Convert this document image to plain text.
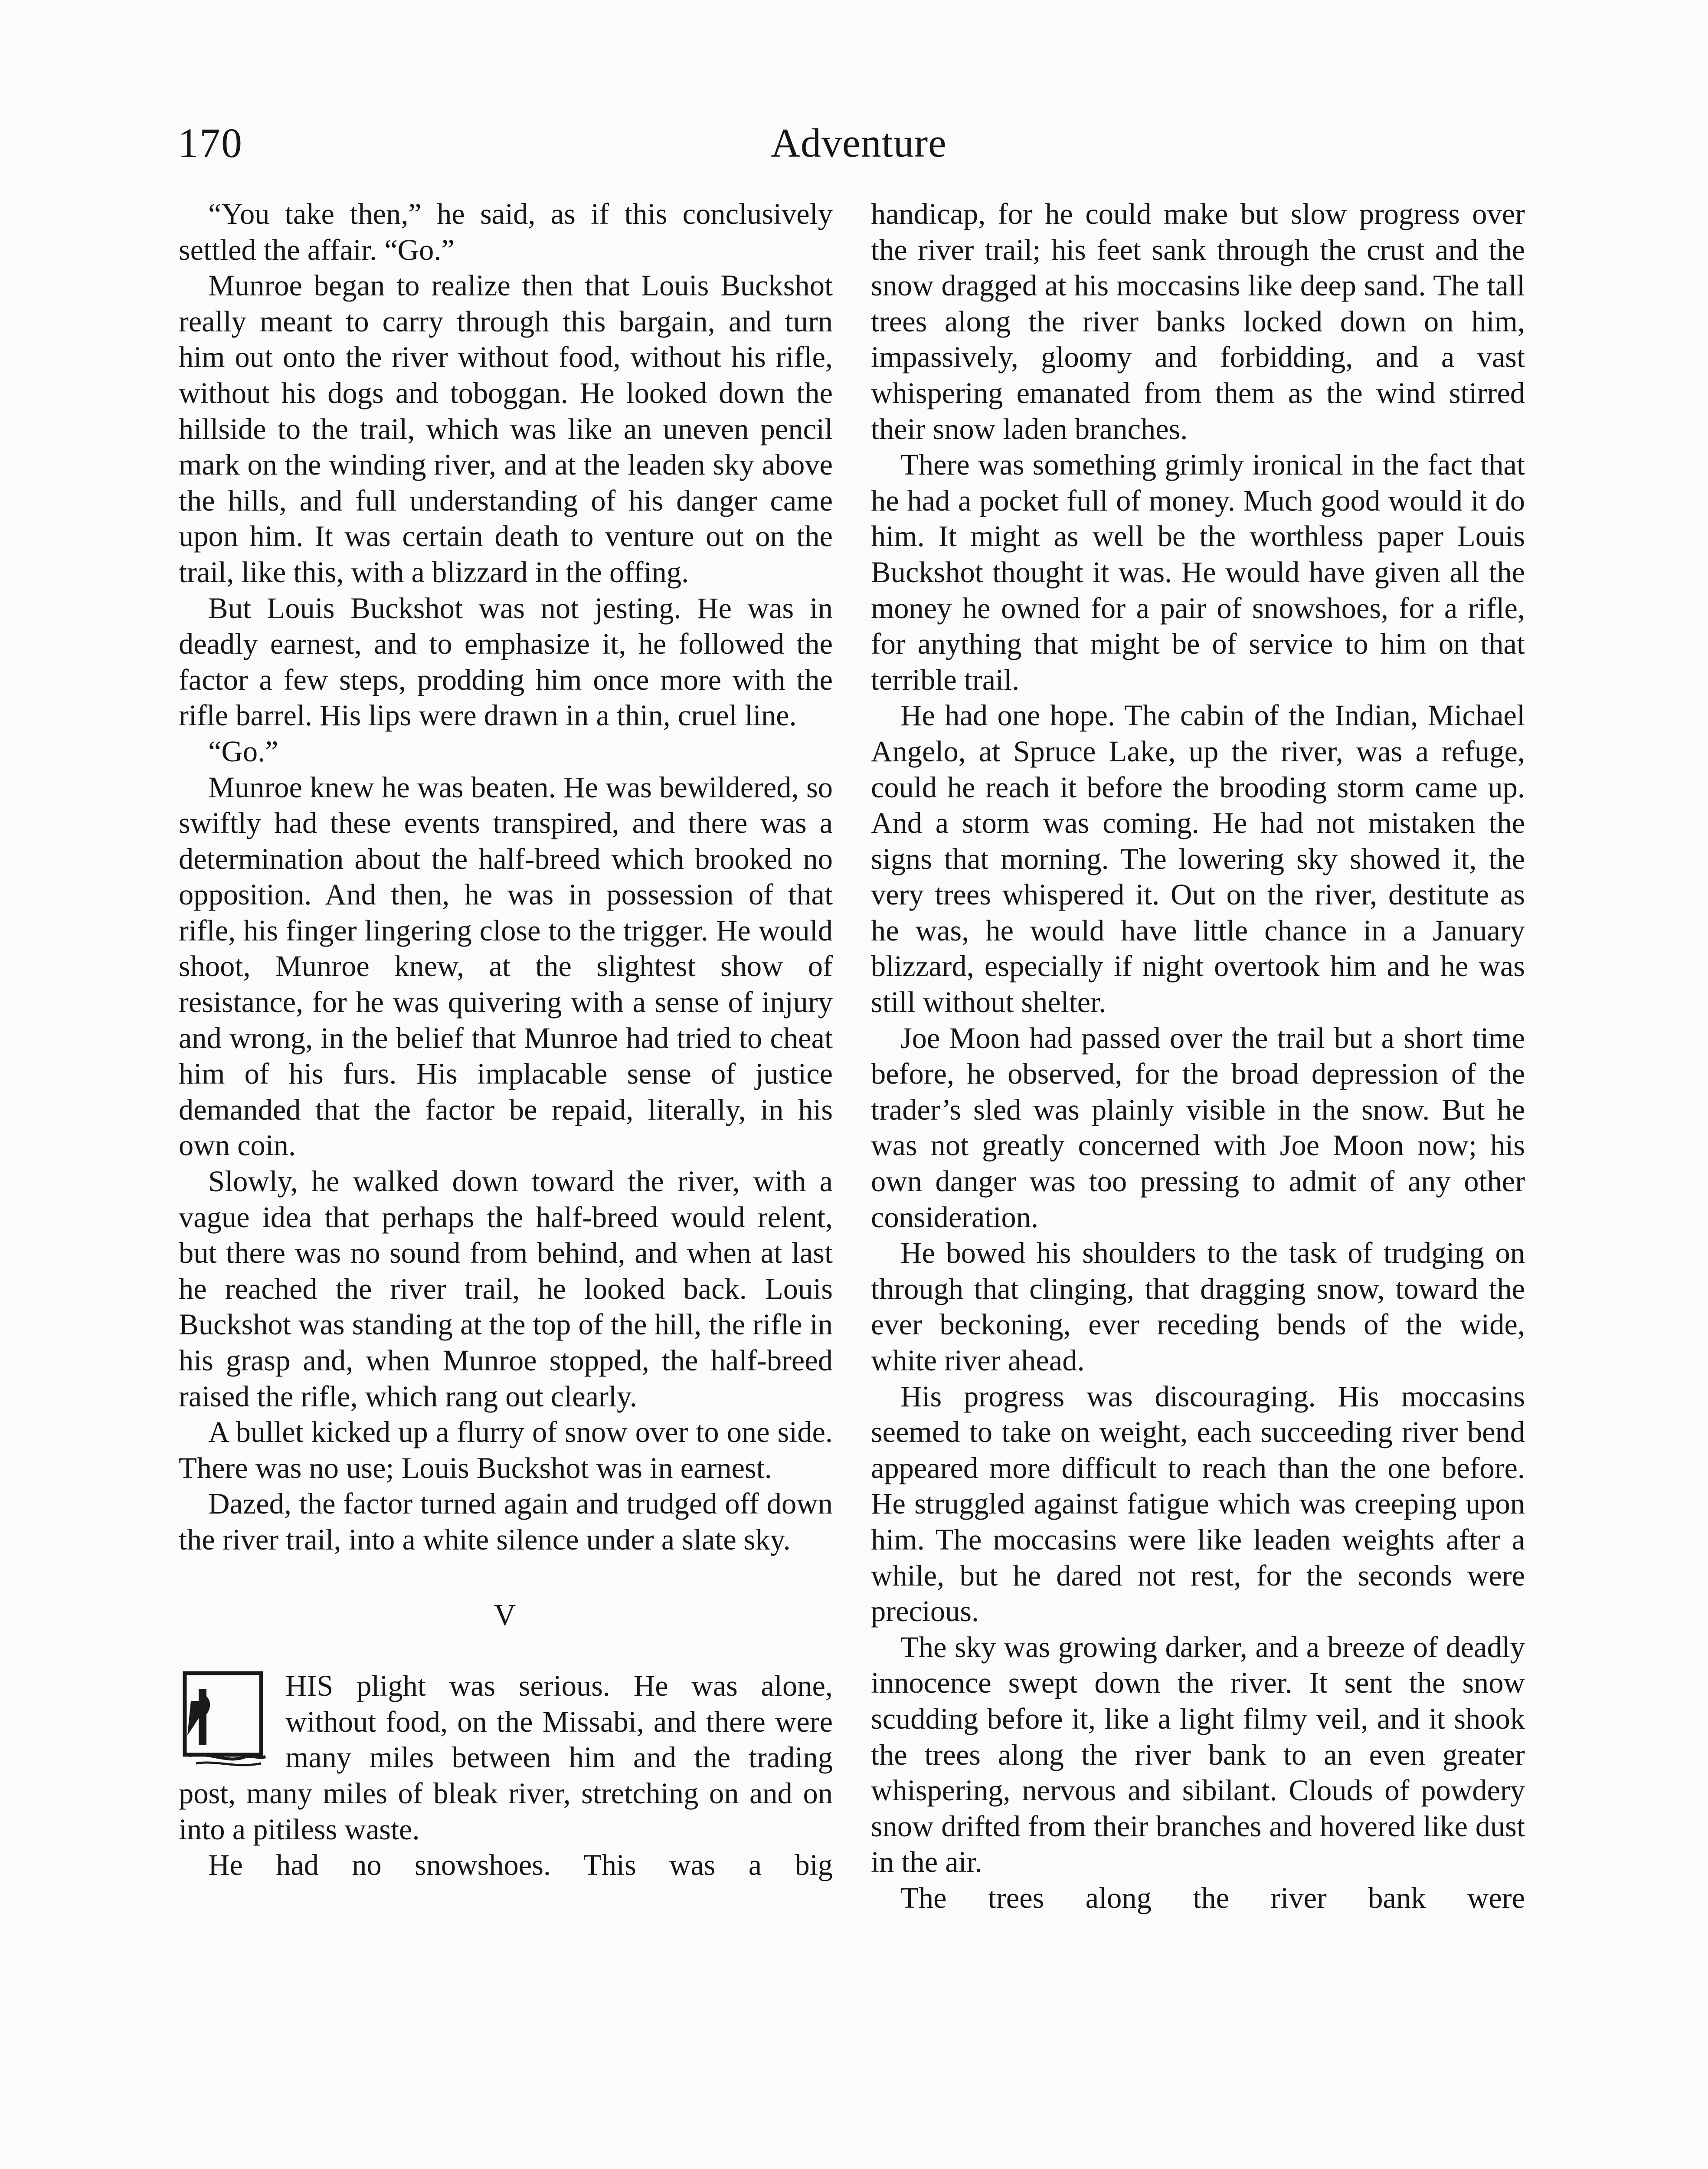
170	Adventure

“You take then,” he said, as if this conclusively settled the affair. “Go.”

Munroe began to realize then that Louis Buckshot really meant to carry through this bargain, and turn him out onto the river without food, without his rifle, without his dogs and toboggan. He looked down the hillside to the trail, which was like an uneven pencil mark on the winding river, and at the leaden sky above the hills, and full understanding of his danger came upon him. It was certain death to venture out on the trail, like this, with a blizzard in the offing.

But Louis Buckshot was not jesting. He was in deadly earnest, and to emphasize it, he followed the factor a few steps, prodding him once more with the rifle barrel. His lips were drawn in a thin, cruel line.

“Go.”

Munroe knew he was beaten. He was bewildered, so swiftly had these events transpired, and there was a determination about the half-breed which brooked no opposition. And then, he was in possession of that rifle, his finger lingering close to the trigger. He would shoot, Munroe knew, at the slightest show of resistance, for he was quivering with a sense of injury and wrong, in the belief that Munroe had tried to cheat him of his furs. His implacable sense of justice demanded that the factor be repaid, literally, in his own coin.

Slowly, he walked down toward the river, with a vague idea that perhaps the half-breed would relent, but there was no sound from behind, and when at last he reached the river trail, he looked back. Louis Buckshot was standing at the top of the hill, the rifle in his grasp and, when Munroe stopped, the half-breed raised the rifle, which rang out clearly.

A bullet kicked up a flurry of snow over to one side. There was no use; Louis Buckshot was in earnest.

Dazed, the factor turned again and trudged off down the river trail, into a white silence under a slate sky.

V

HIS plight was serious. He was alone, without food, on the Missabi, and there were many miles between him and the trading post, many miles of bleak river, stretching on and on into a pitiless waste.

He had no snowshoes. This was a big

handicap, for he could make but slow progress over the river trail; his feet sank through the crust and the snow dragged at his moccasins like deep sand. The tall trees along the river banks locked down on him, impassively, gloomy and forbidding, and a vast whispering emanated from them as the wind stirred their snow laden branches.

There was something grimly ironical in the fact that he had a pocket full of money. Much good would it do him. It might as well be the worthless paper Louis Buckshot thought it was. He would have given all the money he owned for a pair of snowshoes, for a rifle, for anything that might be of service to him on that terrible trail.

He had one hope. The cabin of the Indian, Michael Angelo, at Spruce Lake, up the river, was a refuge, could he reach it before the brooding storm came up. And a storm was coming. He had not mistaken the signs that morning. The lowering sky showed it, the very trees whispered it. Out on the river, destitute as he was, he would have little chance in a January blizzard, especially if night overtook him and he was still without shelter.

Joe Moon had passed over the trail but a short time before, he observed, for the broad depression of the trader’s sled was plainly visible in the snow. But he was not greatly concerned with Joe Moon now; his own danger was too pressing to admit of any other consideration.

He bowed his shoulders to the task of trudging on through that clinging, that dragging snow, toward the ever beckoning, ever receding bends of the wide, white river ahead.

His progress was discouraging. His moccasins seemed to take on weight, each succeeding river bend appeared more difficult to reach than the one before. He struggled against fatigue which was creeping upon him. The moccasins were like leaden weights after a while, but he dared not rest, for the seconds were precious.

The sky was growing darker, and a breeze of deadly innocence swept down the river. It sent the snow scudding before it, like a light filmy veil, and it shook the trees along the river bank to an even greater whispering, nervous and sibilant. Clouds of powdery snow drifted from their branches and hovered like dust in the air.

The trees along the river bank were
